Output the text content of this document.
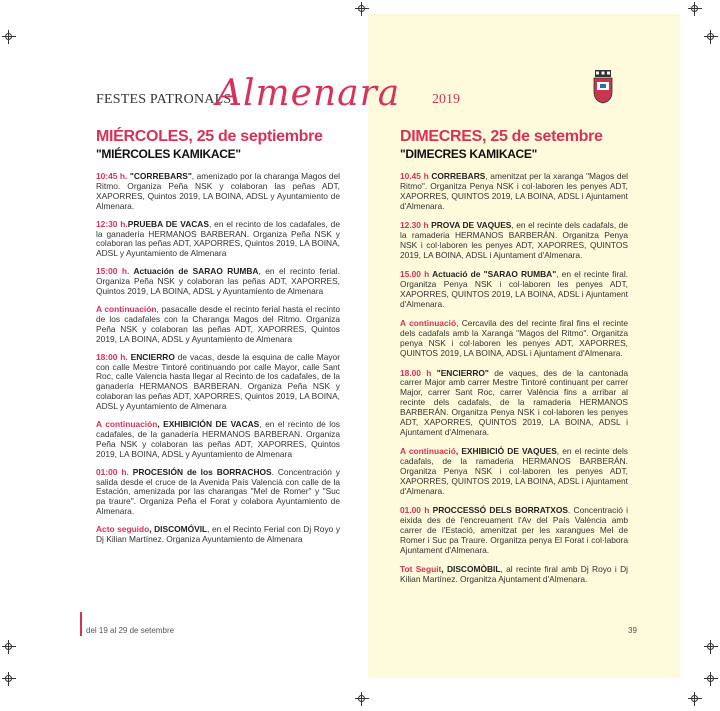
FESTES PATRONALS
Almenara 2019
MIÉRCOLES, 25 de septiembre
"MIÉRCOLES KAMIKACE"
10:45 h. "CORREBARS", amenizado por la charanga Magos del Ritmo. Organiza Peña NSK y colaboran las peñas ADT, XAPORRES, Quintos 2019, LA BOINA, ADSL y Ayuntamiento de Almenara.
12:30 h.PRUEBA DE VACAS, en el recinto de los cadafales, de la ganadería HERMANOS BARBERAN. Organiza Peña NSK y colaboran las peñas ADT, XAPORRES, Quintos 2019, LA BOINA, ADSL y Ayuntamiento de Almenara
15:00 h. Actuación de SARAO RUMBA, en el recinto ferial. Organiza Peña NSK y colaboran las peñas ADT, XAPORRES, Quintos 2019, LA BOINA, ADSL y Ayuntamiento de Almenara
A continuación, pasacalle desde el recinto ferial hasta el recinto de los cadafales con la Charanga Magos del Ritmo. Organiza Peña NSK y colaboran las peñas ADT, XAPORRES, Quintos 2019, LA BOINA, ADSL y Ayuntamiento de Almenara
18:00 h. ENCIERRO de vacas, desde la esquina de calle Mayor con calle Mestre Tintoré continuando por calle Mayor, calle Sant Roc, calle Valencia hasta llegar al Recinto de los cadafales, de la ganadería HERMANOS BARBERAN. Organiza Peña NSK y colaboran las peñas ADT, XAPORRES, Quintos 2019, LA BOINA, ADSL y Ayuntamiento de Almenara
A continuación, EXHIBICIÓN DE VACAS, en el recinto de los cadafales, de la ganadería HERMANOS BARBERAN. Organiza Peña NSK y colaboran las peñas ADT, XAPORRES, Quintos 2019, LA BOINA, ADSL y Ayuntamiento de Almenara
01:00 h. PROCESIÓN de los BORRACHOS. Concentración y salida desde el cruce de la Avenida País Valencià con calle de la Estación, amenizada por las charangas "Mel de Romer" y "Suc pa traure". Organiza Peña el Forat y colabora Ayuntamiento de Almenara.
Acto seguido, DISCOMÓVIL, en el Recinto Ferial con Dj Royo y Dj Kilian Martínez. Organiza Ayuntamiento de Almenara
DIMECRES, 25 de setembre
"DIMECRES KAMIKACE"
10.45 h CORREBARS, amenitzat per la xaranga "Magos del Ritmo". Organitza Penya NSK i col·laboren les penyes ADT, XAPORRES, QUINTOS 2019, LA BOINA, ADSL i Ajuntament d'Almenara.
12.30 h PROVA DE VAQUES, en el recinte dels cadafals, de la ramaderia HERMANOS BARBERÁN. Organitza Penya NSK i col·laboren les penyes ADT, XAPORRES, QUINTOS 2019, LA BOINA, ADSL i Ajuntament d'Almenara.
15.00 h Actuació de "SARAO RUMBA", en el recinte firal. Organitza Penya NSK i col·laboren les penyes ADT, XAPORRES, QUINTOS 2019, LA BOINA, ADSL i Ajuntament d'Almenara.
A continuació, Cercavila des del recinte firal fins el recinte dels cadafals amb la Xaranga "Magos del Ritmo". Organitza penya NSK i col·laboren les penyes ADT, XAPORRES, QUINTOS 2019, LA BOINA, ADSL i Ajuntament d'Almenara.
18.00 h "ENCIERRO" de vaques, des de la cantonada carrer Major amb carrer Mestre Tintoré continuant per carrer Major, carrer Sant Roc, carrer València fins a arribar al recinte dels cadafals, de la ramaderia HERMANOS BARBERÁN. Organitza Penya NSK i col·laboren les penyes ADT, XAPORRES, QUINTOS 2019, LA BOINA, ADSL i Ajuntament d'Almenara.
A continuació, EXHIBICIÓ DE VAQUES, en el recinte dels cadafals, de la ramaderia HERMANOS BARBERÁN. Organitza Penya NSK i col·laboren les penyes ADT, XAPORRES, QUINTOS 2019, LA BOINA, ADSL i Ajuntament d'Almenara.
01.00 h PROCCESSÓ DELS BORRATXOS. Concentració i eixida des de l'encreuament l'Av del País València amb carrer de l'Estació, amenitzat per les xarangues Mel de Romer i Suc pa Traure. Organitza penya El Forat i col·labora Ajuntament d'Almenara.
Tot Seguit, DISCOMÒBIL, al recinte firal amb Dj Royo i Dj Kilian Martínez. Organitza Ajuntament d'Almenara.
del 19 al 29 de setembre	39
